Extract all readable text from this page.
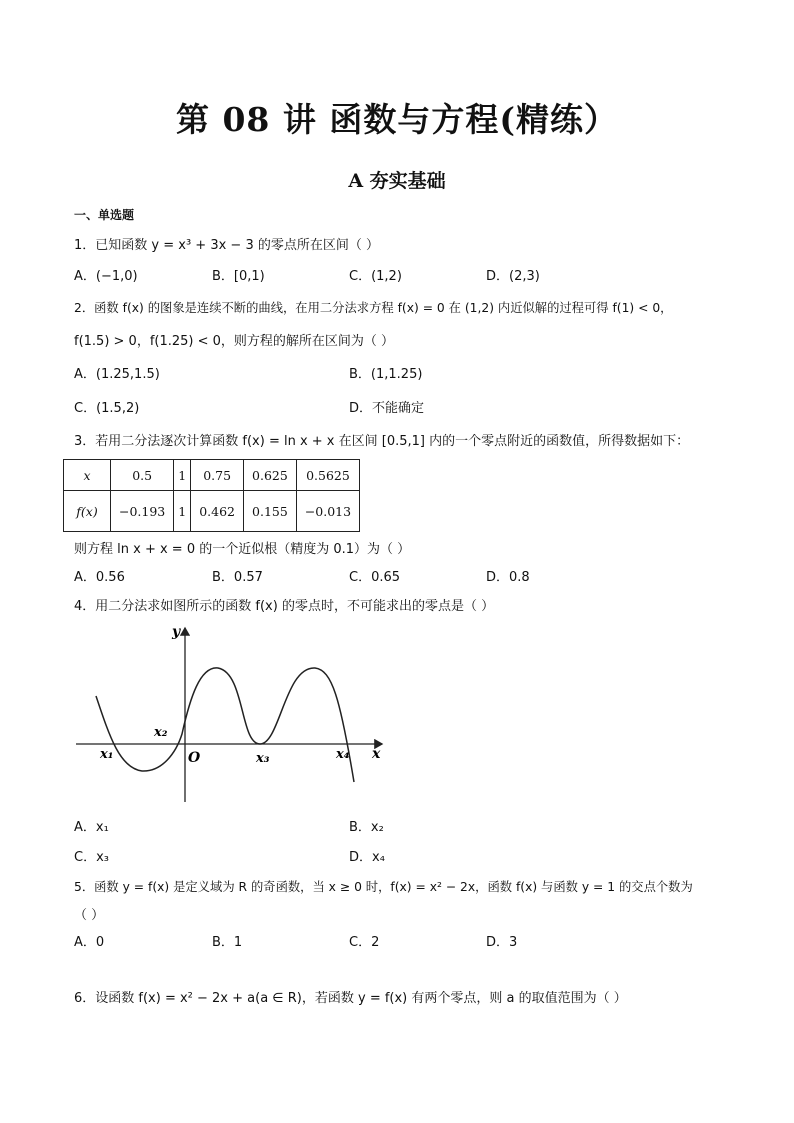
第 08 讲 函数与方程(精练）
A 夯实基础
一、单选题
1．已知函数 y = x³ + 3x − 3 的零点所在区间（ ）
A．(−1,0)	B．[0,1)	C．(1,2)	D．(2,3)
2．函数 f(x) 的图象是连续不断的曲线，在用二分法求方程 f(x) = 0 在 (1,2) 内近似解的过程可得 f(1) < 0，
f(1.5) > 0，f(1.25) < 0，则方程的解所在区间为（ ）
A．(1.25,1.5)	B．(1,1.25)
C．(1.5,2)	D．不能确定
3．若用二分法逐次计算函数 f(x) = ln x + x 在区间 [0.5,1] 内的一个零点附近的函数值，所得数据如下：
x	0.5	1	0.75	0.625	0.5625
f(x)	−0.193	1	0.462	0.155	−0.013
则方程 ln x + x = 0 的一个近似根（精度为 0.1）为（ ）
A．0.56	B．0.57	C．0.65	D．0.8
4．用二分法求如图所示的函数 f(x) 的零点时，不可能求出的零点是（ ）
x
y
O
x₁
x₂
x₃	x₄
A．x₁	B．x₂
C．x₃	D．x₄
5．函数 y = f(x) 是定义域为 R 的奇函数，当 x ≥ 0 时，f(x) = x² − 2x，函数 f(x) 与函数 y = 1 的交点个数为
（ ）
A．0	B．1	C．2	D．3
6．设函数 f(x) = x² − 2x + a(a ∈ R)，若函数 y = f(x) 有两个零点，则 a 的取值范围为（ ）
